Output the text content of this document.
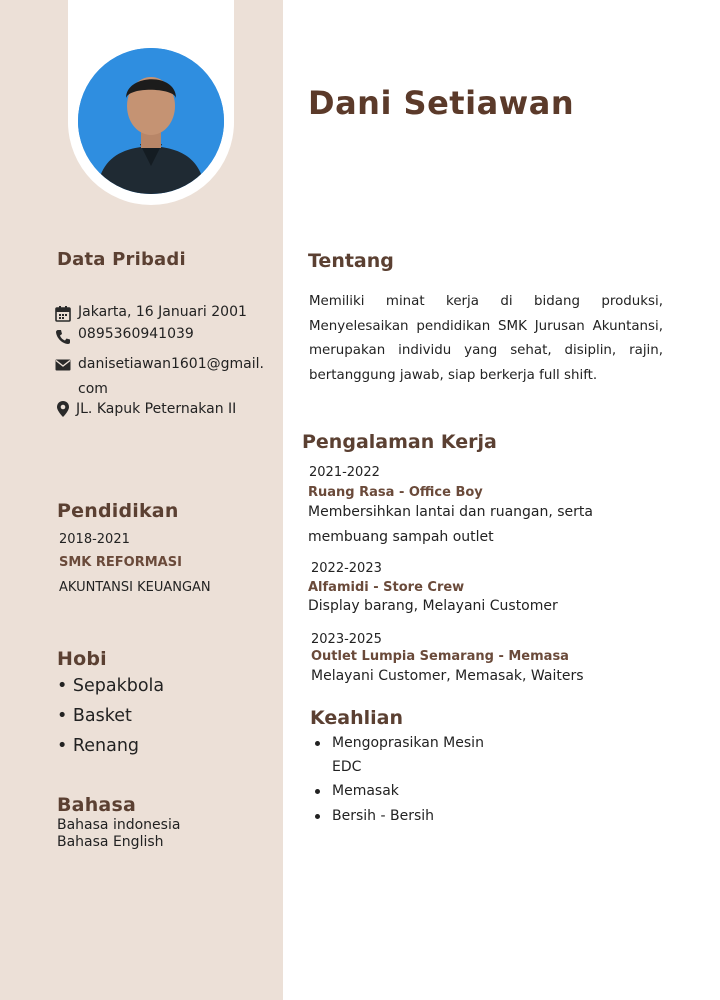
Data Pribadi
Jakarta, 16 Januari 2001
0895360941039
danisetiawan1601@gmail.
com
JL. Kapuk Peternakan II
Pendidikan
2018-2021
SMK REFORMASI
AKUNTANSI KEUANGAN
Hobi
• Sepakbola
• Basket
• Renang
Bahasa
Bahasa indonesia
Bahasa English
Dani Setiawan
Tentang
Memiliki minat kerja di bidang produksi, Menyelesaikan pendidikan SMK Jurusan Akuntansi, merupakan individu yang sehat, disiplin, rajin, bertanggung jawab, siap berkerja full shift.
Pengalaman Kerja
2021-2022
Ruang Rasa - Office Boy
Membersihkan lantai dan ruangan, serta
membuang sampah outlet
2022-2023
Alfamidi - Store Crew
Display barang, Melayani Customer
2023-2025
Outlet Lumpia Semarang - Memasa
Melayani Customer, Memasak, Waiters
Keahlian
Mengoprasikan Mesin
EDC
Memasak
Bersih - Bersih
